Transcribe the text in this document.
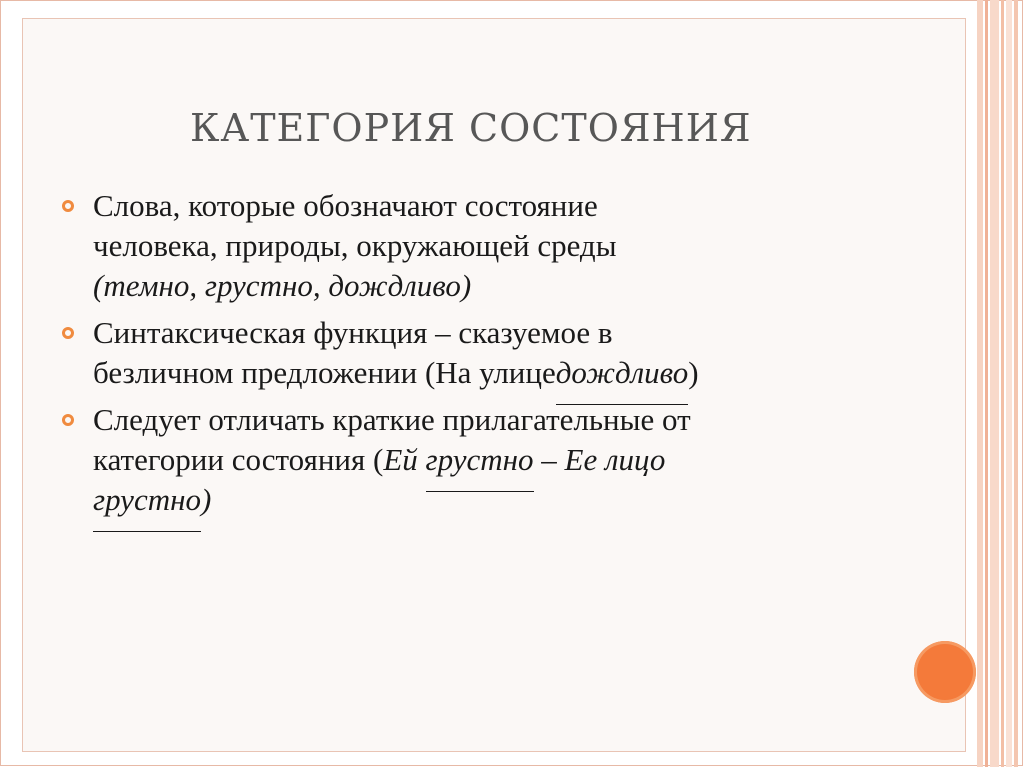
КАТЕГОРИЯ СОСТОЯНИЯ
Слова, которые обозначают состояние
человека, природы, окружающей среды
(темно, грустно, дождливо)
Синтаксическая функция – сказуемое в
безличном предложении (На улицедождливо)
Следует отличать краткие прилагательные от
категории состояния (Ей грустно – Ее лицо
грустно)
